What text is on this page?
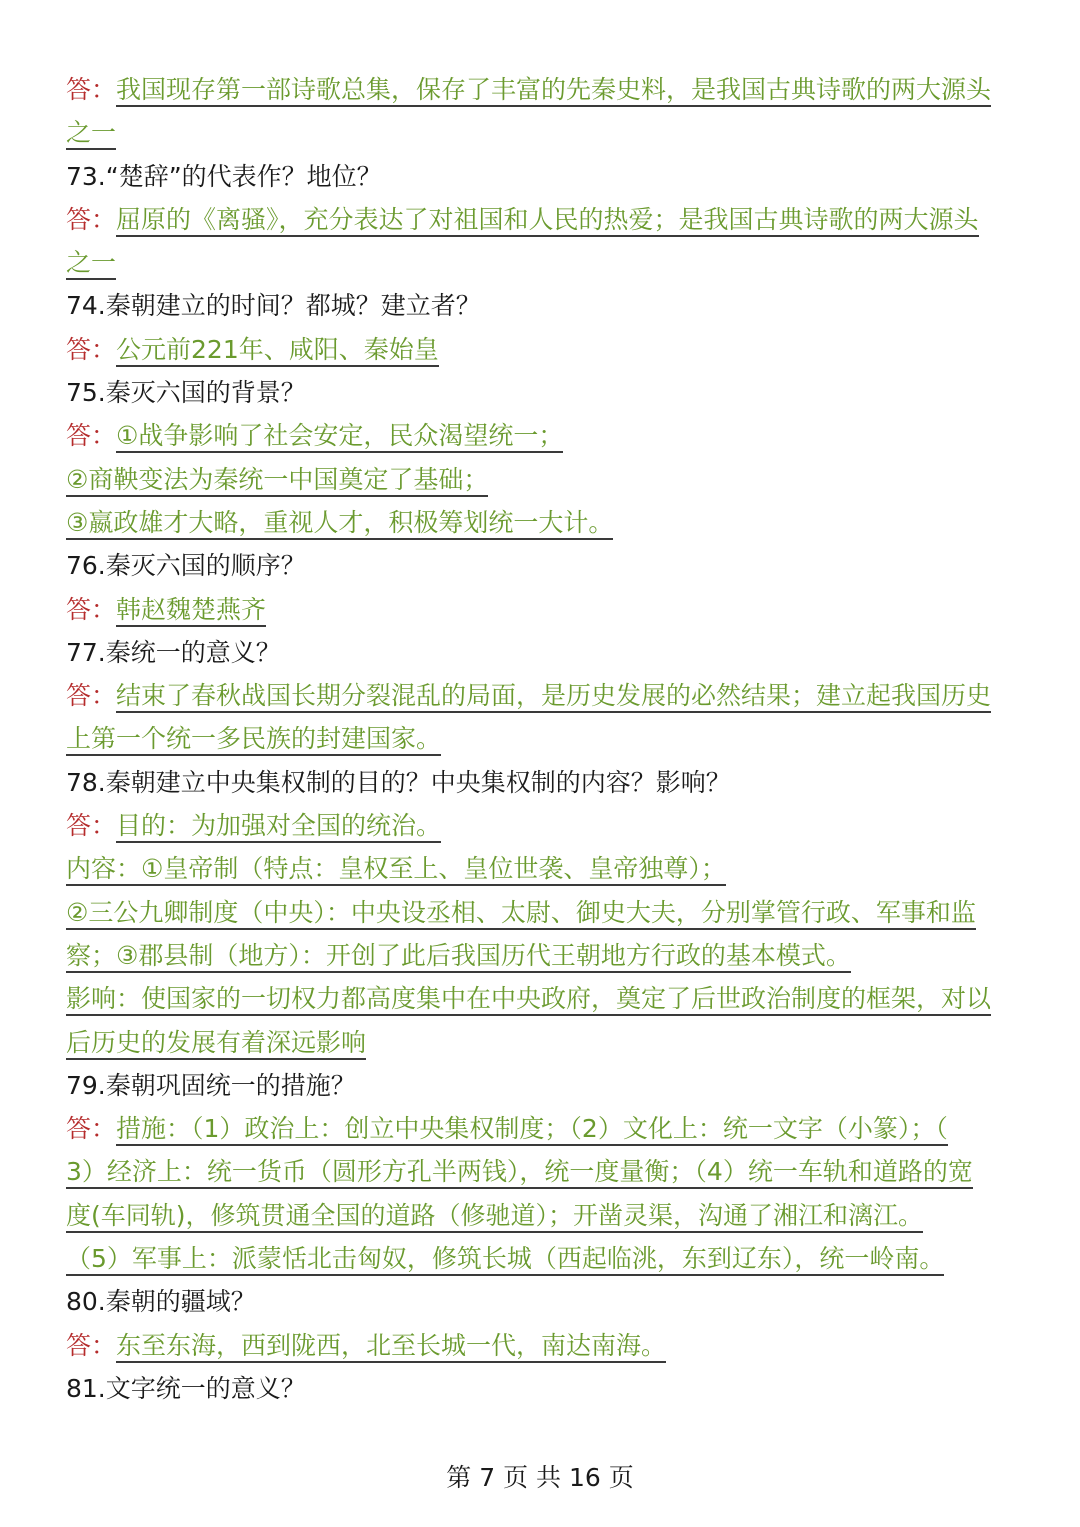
答：我国现存第一部诗歌总集，保存了丰富的先秦史料，是我国古典诗歌的两大源头
之一
73.“楚辞”的代表作？地位？
答：屈原的《离骚》，充分表达了对祖国和人民的热爱；是我国古典诗歌的两大源头
之一
74.秦朝建立的时间？都城？建立者？
答：公元前221年、咸阳、秦始皇
75.秦灭六国的背景？
答：①战争影响了社会安定，民众渴望统一；
②商鞅变法为秦统一中国奠定了基础；
③嬴政雄才大略，重视人才，积极筹划统一大计。
76.秦灭六国的顺序？
答：韩赵魏楚燕齐
77.秦统一的意义？
答：结束了春秋战国长期分裂混乱的局面，是历史发展的必然结果；建立起我国历史
上第一个统一多民族的封建国家。
78.秦朝建立中央集权制的目的？中央集权制的内容？影响？
答：目的：为加强对全国的统治。
内容：①皇帝制（特点：皇权至上、皇位世袭、皇帝独尊）；
②三公九卿制度（中央）：中央设丞相、太尉、御史大夫，分别掌管行政、军事和监
察；③郡县制（地方）：开创了此后我国历代王朝地方行政的基本模式。
影响：使国家的一切权力都高度集中在中央政府，奠定了后世政治制度的框架，对以
后历史的发展有着深远影响
79.秦朝巩固统一的措施？
答：措施：（1）政治上：创立中央集权制度；（2）文化上：统一文字（小篆）；（
3）经济上：统一货币（圆形方孔半两钱），统一度量衡；（4）统一车轨和道路的宽
度(车同轨)，修筑贯通全国的道路（修驰道）；开凿灵渠，沟通了湘江和漓江。
（5）军事上：派蒙恬北击匈奴，修筑长城（西起临洮，东到辽东），统一岭南。
80.秦朝的疆域？
答：东至东海，西到陇西，北至长城一代，南达南海。
81.文字统一的意义？
第 7 页 共 16 页
